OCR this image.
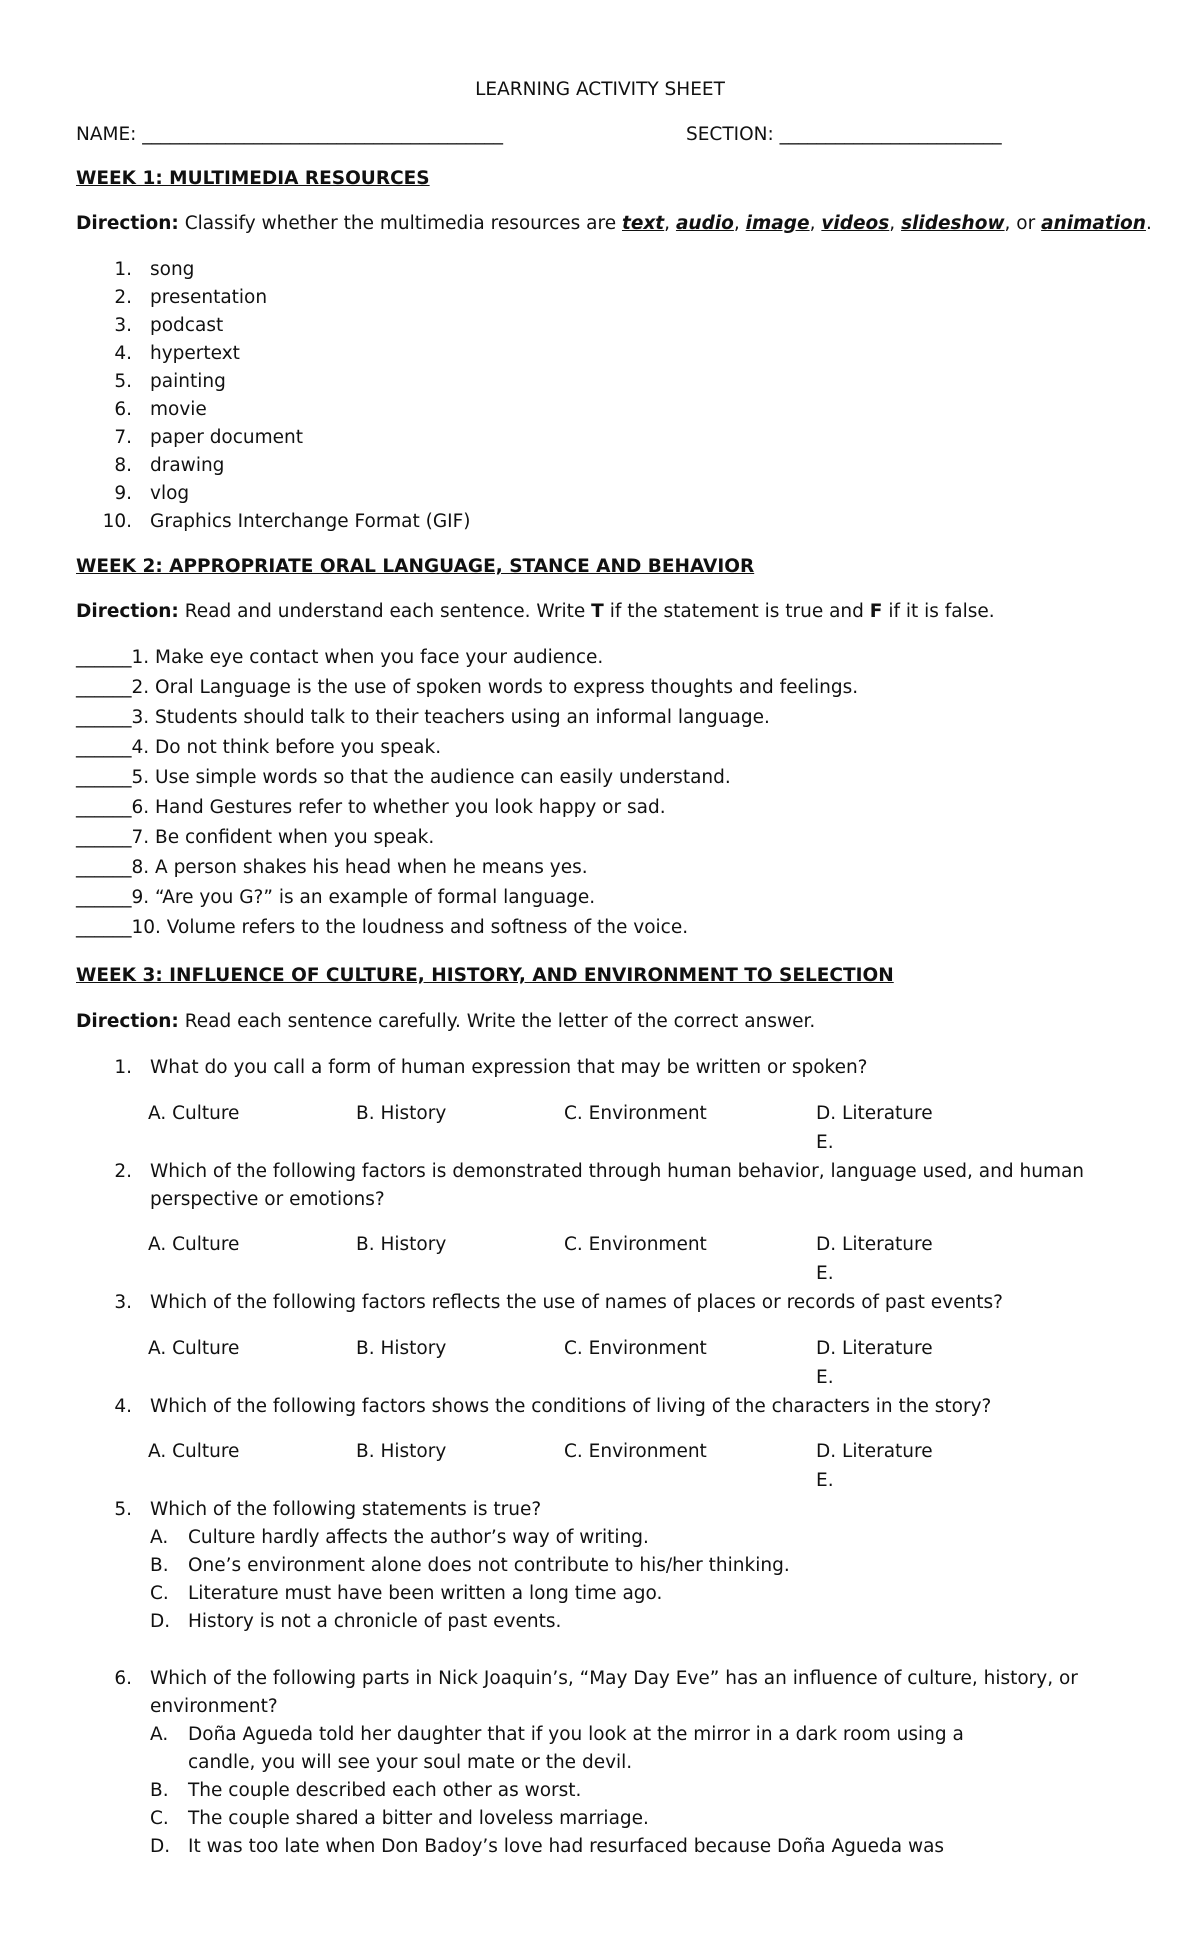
LEARNING ACTIVITY SHEET
NAME: _______________________________________	SECTION: ________________________
WEEK 1: MULTIMEDIA RESOURCES
Direction: Classify whether the multimedia resources are text, audio, image, videos, slideshow, or animation.
1. song
2. presentation
3. podcast
4. hypertext
5. painting
6. movie
7. paper document
8. drawing
9. vlog
10. Graphics Interchange Format (GIF)
WEEK 2: APPROPRIATE ORAL LANGUAGE, STANCE AND BEHAVIOR
Direction: Read and understand each sentence. Write T if the statement is true and F if it is false.
______1. Make eye contact when you face your audience.
______2. Oral Language is the use of spoken words to express thoughts and feelings.
______3. Students should talk to their teachers using an informal language.
______4. Do not think before you speak.
______5. Use simple words so that the audience can easily understand.
______6. Hand Gestures refer to whether you look happy or sad.
______7. Be confident when you speak.
______8. A person shakes his head when he means yes.
______9. “Are you G?” is an example of formal language.
______10. Volume refers to the loudness and softness of the voice.
WEEK 3: INFLUENCE OF CULTURE, HISTORY, AND ENVIRONMENT TO SELECTION
Direction: Read each sentence carefully. Write the letter of the correct answer.
1. What do you call a form of human expression that may be written or spoken?
A. Culture	B. History	C. Environment	D. Literature
E.
2. Which of the following factors is demonstrated through human behavior, language used, and human
perspective or emotions?
A. Culture	B. History	C. Environment	D. Literature
E.
3. Which of the following factors reflects the use of names of places or records of past events?
A. Culture	B. History	C. Environment	D. Literature
E.
4. Which of the following factors shows the conditions of living of the characters in the story?
A. Culture	B. History	C. Environment	D. Literature
E.
5. Which of the following statements is true?
A. Culture hardly affects the author’s way of writing.
B. One’s environment alone does not contribute to his/her thinking.
C. Literature must have been written a long time ago.
D. History is not a chronicle of past events.
6. Which of the following parts in Nick Joaquin’s, “May Day Eve” has an influence of culture, history, or
environment?
A. Doña Agueda told her daughter that if you look at the mirror in a dark room using a
candle, you will see your soul mate or the devil.
B. The couple described each other as worst.
C. The couple shared a bitter and loveless marriage.
D. It was too late when Don Badoy’s love had resurfaced because Doña Agueda was
